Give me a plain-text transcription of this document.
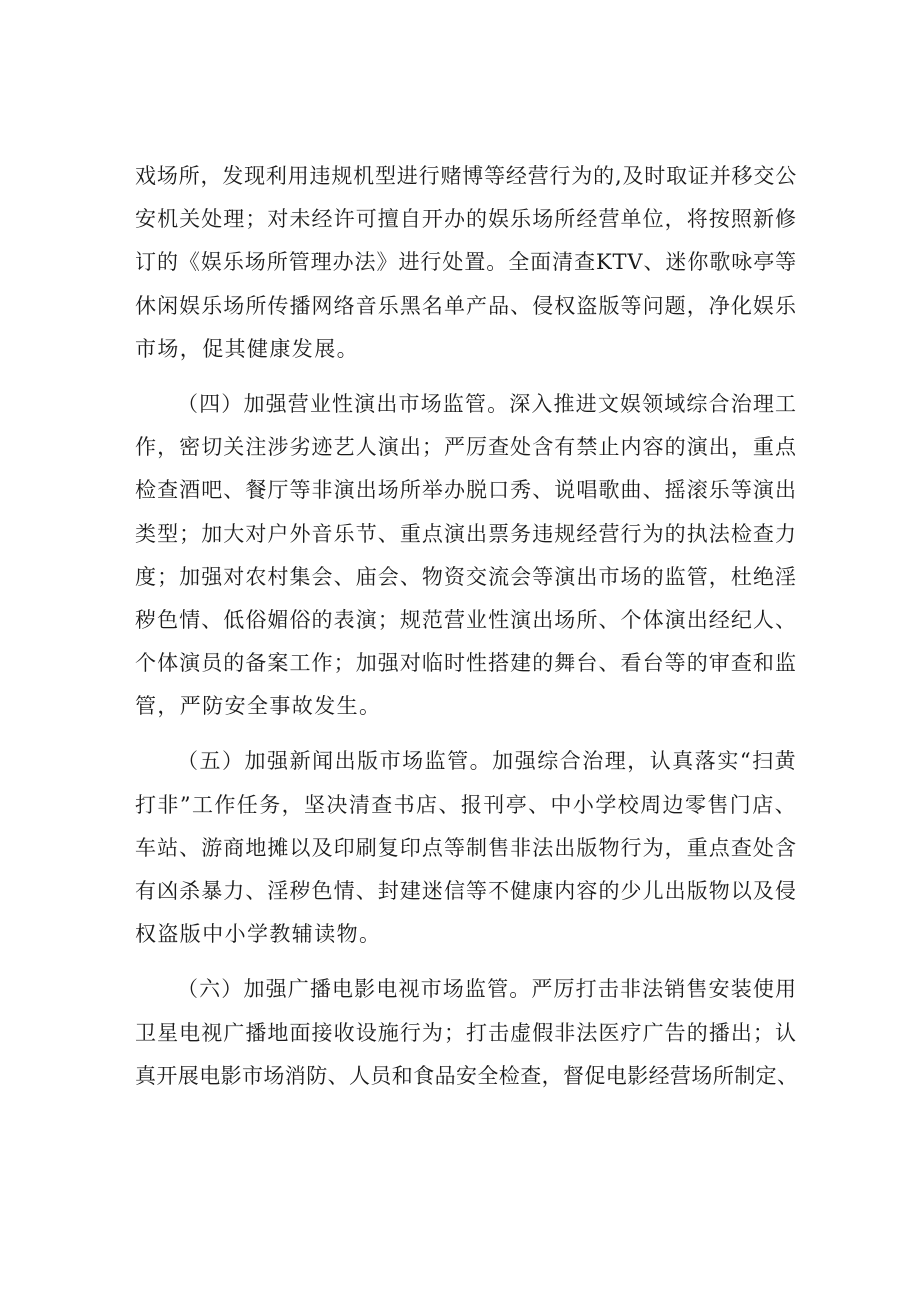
戏场所，发现利用违规机型进行赌博等经营行为的,及时取证并移交公
安机关处理；对未经许可擅自开办的娱乐场所经营单位，将按照新修
订的《娱乐场所管理办法》进行处置。全面清查KTV、迷你歌咏亭等
休闲娱乐场所传播网络音乐黑名单产品、侵权盗版等问题，净化娱乐
市场，促其健康发展。
（四）加强营业性演出市场监管。深入推进文娱领域综合治理工
作，密切关注涉劣迹艺人演出；严厉查处含有禁止内容的演出，重点
检查酒吧、餐厅等非演出场所举办脱口秀、说唱歌曲、摇滚乐等演出
类型；加大对户外音乐节、重点演出票务违规经营行为的执法检查力
度；加强对农村集会、庙会、物资交流会等演出市场的监管，杜绝淫
秽色情、低俗媚俗的表演；规范营业性演出场所、个体演出经纪人、
个体演员的备案工作；加强对临时性搭建的舞台、看台等的审查和监
管，严防安全事故发生。
（五）加强新闻出版市场监管。加强综合治理，认真落实“扫黄
打非”工作任务，坚决清查书店、报刊亭、中小学校周边零售门店、
车站、游商地摊以及印刷复印点等制售非法出版物行为，重点查处含
有凶杀暴力、淫秽色情、封建迷信等不健康内容的少儿出版物以及侵
权盗版中小学教辅读物。
（六）加强广播电影电视市场监管。严厉打击非法销售安装使用
卫星电视广播地面接收设施行为；打击虚假非法医疗广告的播出；认
真开展电影市场消防、人员和食品安全检查，督促电影经营场所制定、
